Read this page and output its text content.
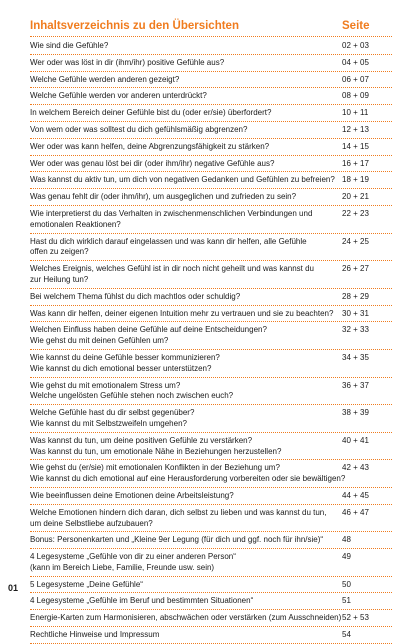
Inhaltsverzeichnis zu den Übersichten	Seite
Wie sind die Gefühle?	02 + 03
Wer oder was löst in dir (ihm/ihr) positive Gefühle aus?	04 + 05
Welche Gefühle werden anderen gezeigt?	06 + 07
Welche Gefühle werden vor anderen unterdrückt?	08 + 09
In welchem Bereich deiner Gefühle bist du (oder er/sie) überfordert?	10 + 11
Von wem oder was solltest du dich gefühlsmäßig abgrenzen?	12 + 13
Wer oder was kann helfen, deine Abgrenzungsfähigkeit zu stärken?	14 + 15
Wer oder was genau löst bei dir (oder ihm/ihr) negative Gefühle aus?	16 + 17
Was kannst du aktiv tun, um dich von negativen Gedanken und Gefühlen zu befreien? 18 + 19
Was genau fehlt dir (oder ihm/ihr), um ausgeglichen und zufrieden zu sein?	20 + 21
Wie interpretierst du das Verhalten in zwischenmenschlichen Verbindungen und
emotionalen Reaktionen?
22 + 23
Hast du dich wirklich darauf eingelassen und was kann dir helfen, alle Gefühle
offen zu zeigen?
24 + 25
Welches Ereignis, welches Gefühl ist in dir noch nicht geheilt und was kannst du
zur Heilung tun?
26 + 27
Bei welchem Thema fühlst du dich machtlos oder schuldig?	28 + 29
Was kann dir helfen, deiner eigenen Intuition mehr zu vertrauen und sie zu beachten? 30 + 31
Welchen Einfluss haben deine Gefühle auf deine Entscheidungen?
Wie gehst du mit deinen Gefühlen um?
32 + 33
Wie kannst du deine Gefühle besser kommunizieren?
Wie kannst du dich emotional besser unterstützen?
34 + 35
Wie gehst du mit emotionalem Stress um?
Welche ungelösten Gefühle stehen noch zwischen euch?
36 + 37
Welche Gefühle hast du dir selbst gegenüber?
Wie kannst du mit Selbstzweifeln umgehen?
38 + 39
Was kannst du tun, um deine positiven Gefühle zu verstärken?
Was kannst du tun, um emotionale Nähe in Beziehungen herzustellen?
40 + 41
Wie gehst du (er/sie) mit emotionalen Konflikten in der Beziehung um?
Wie kannst du dich emotional auf eine Herausforderung vorbereiten oder sie bewältigen?
42 + 43
Wie beeinflussen deine Emotionen deine Arbeitsleistung?	44 + 45
Welche Emotionen hindern dich daran, dich selbst zu lieben und was kannst du tun,
um deine Selbstliebe aufzubauen?
46 + 47
Bonus: Personenkarten und „Kleine 9er Legung (für dich und ggf. noch für ihn/sie)“	48
4 Legesysteme „Gefühle von dir zu einer anderen Person“
(kann im Bereich Liebe, Familie, Freunde usw. sein)
49
5 Legesysteme „Deine Gefühle“	50
4 Legesysteme „Gefühle im Beruf und bestimmten Situationen“	51
Energie-Karten zum Harmonisieren, abschwächen oder verstärken (zum Ausschneiden) 52 + 53
Rechtliche Hinweise und Impressum	54
01
